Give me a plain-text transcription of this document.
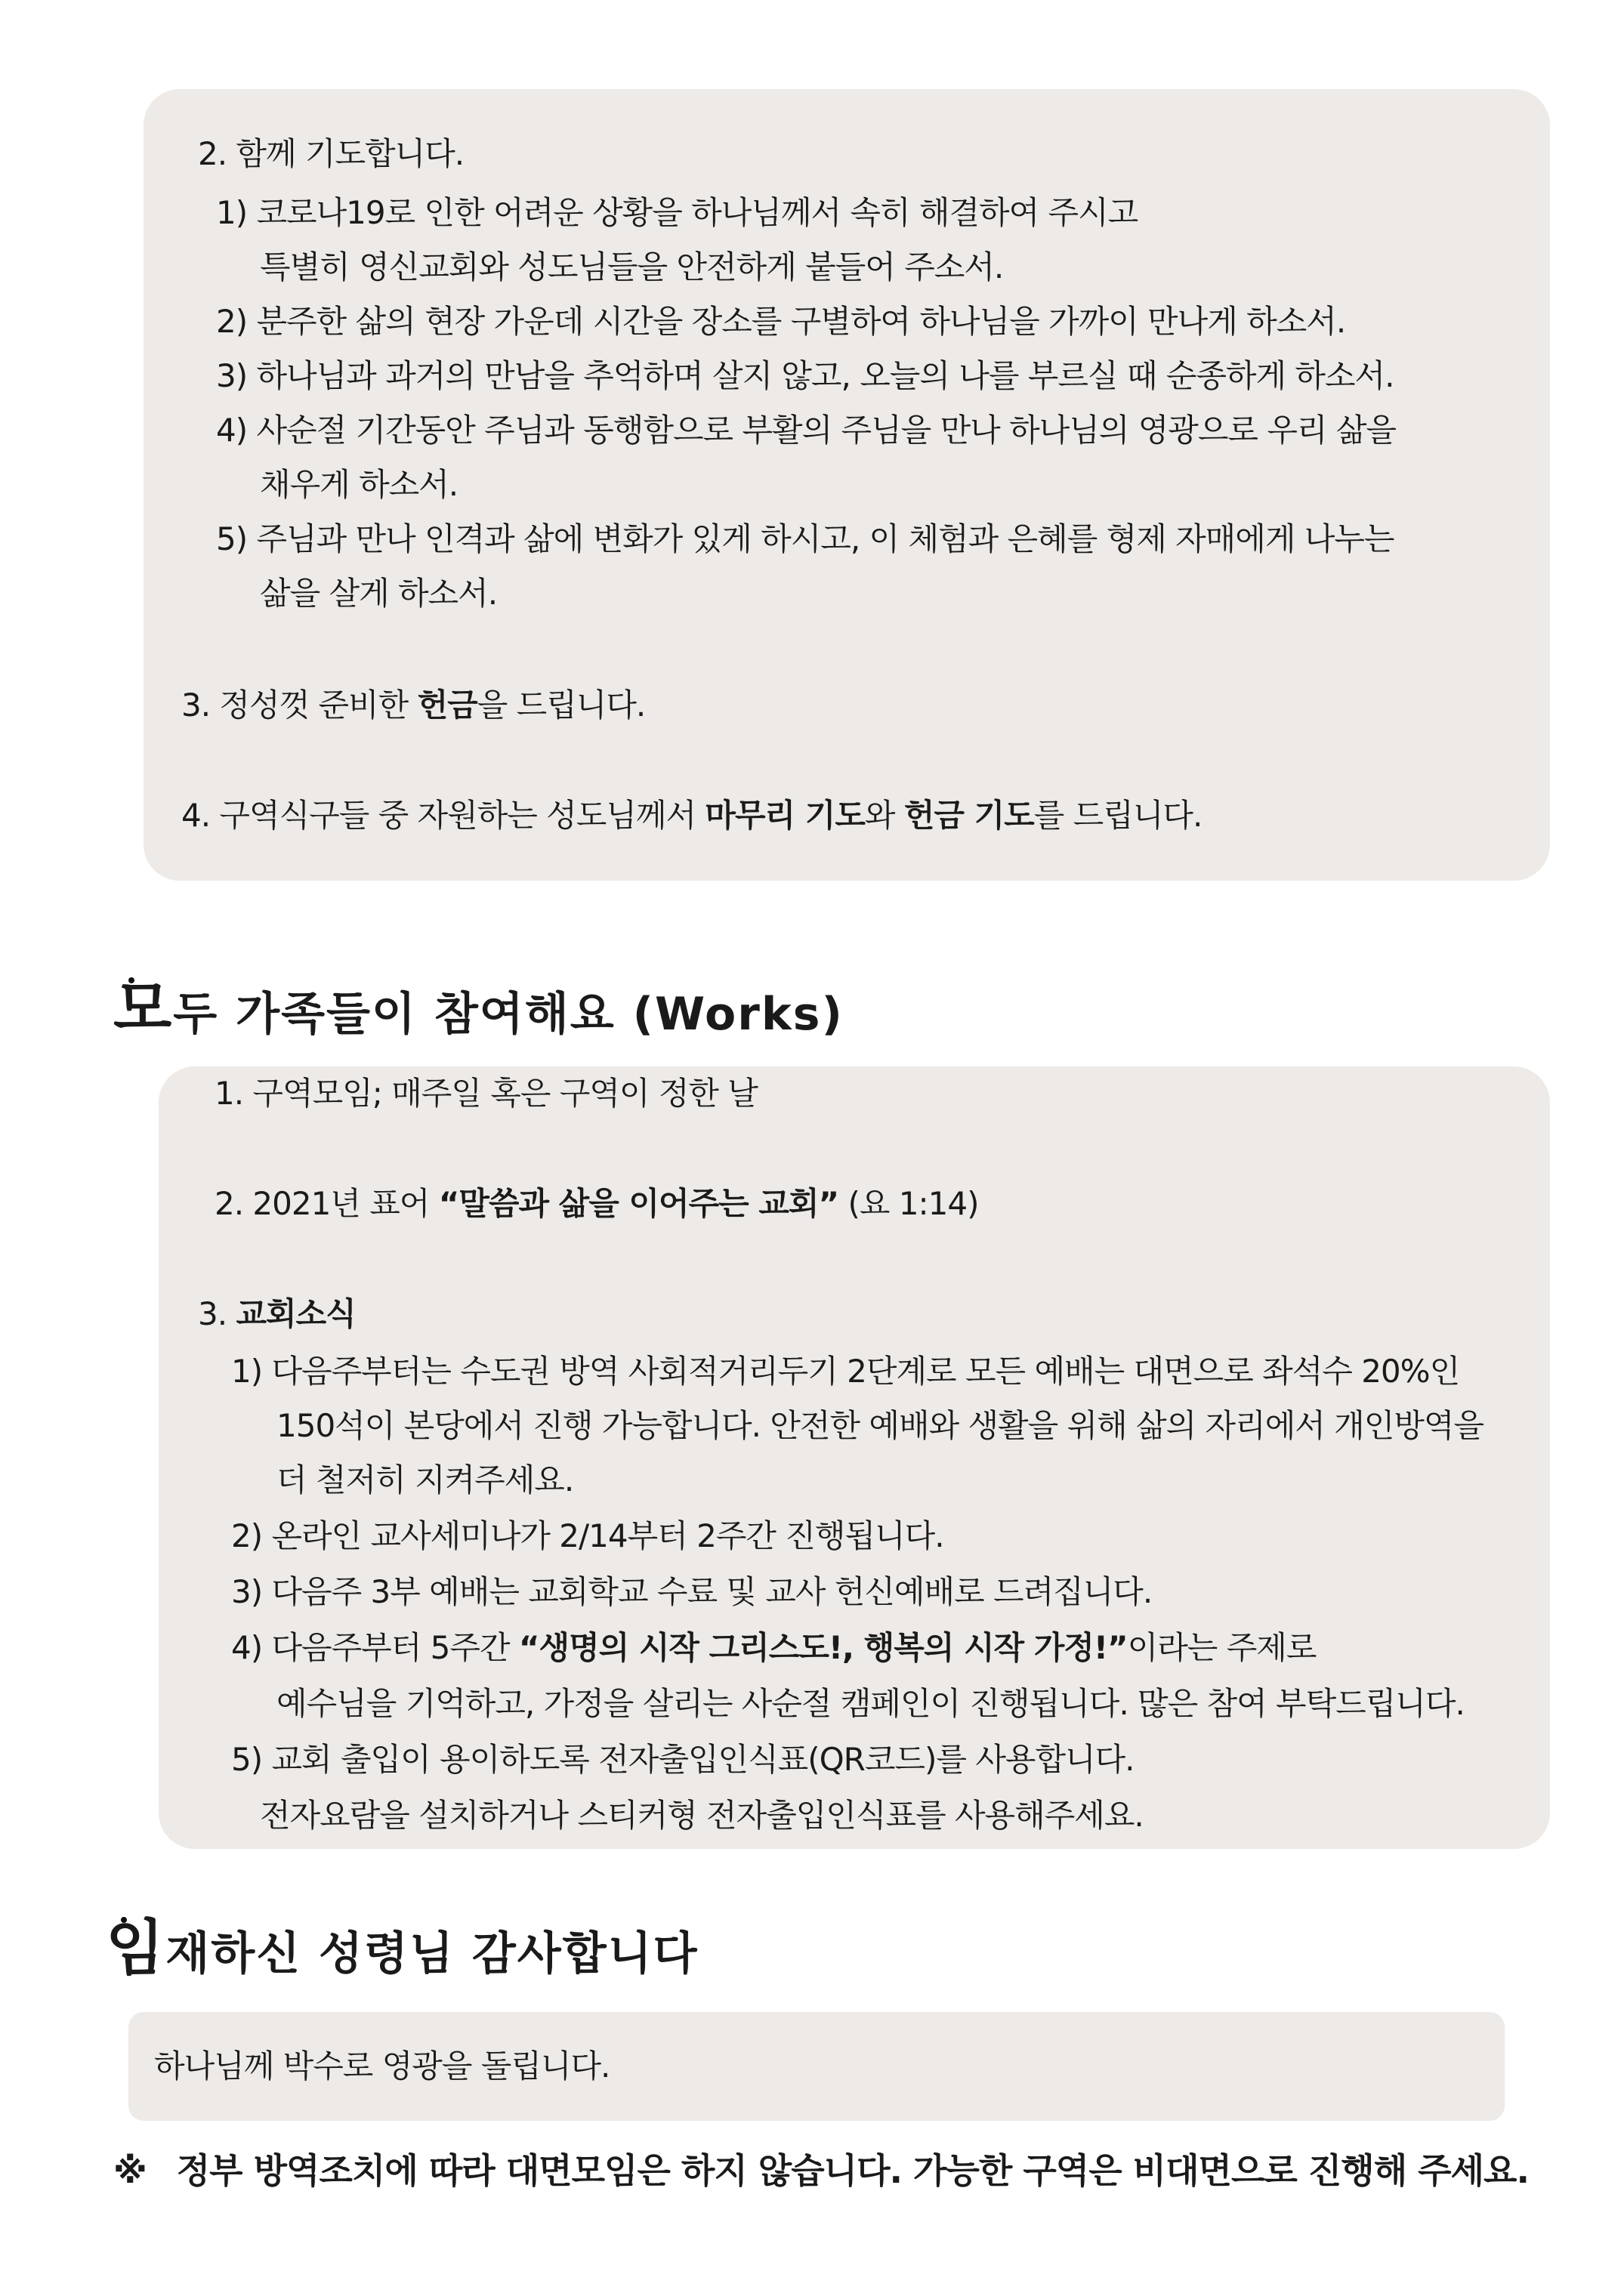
2. 함께 기도합니다.
1) 코로나19로 인한 어려운 상황을 하나님께서 속히 해결하여 주시고
특별히 영신교회와 성도님들을 안전하게 붙들어 주소서.
2) 분주한 삶의 현장 가운데 시간을 장소를 구별하여 하나님을 가까이 만나게 하소서.
3) 하나님과 과거의 만남을 추억하며 살지 않고, 오늘의 나를 부르실 때 순종하게 하소서.
4) 사순절 기간동안 주님과 동행함으로 부활의 주님을 만나 하나님의 영광으로 우리 삶을
채우게 하소서.
5) 주님과 만나 인격과 삶에 변화가 있게 하시고, 이 체험과 은혜를 형제 자매에게 나누는
삶을 살게 하소서.
3. 정성껏 준비한 헌금을 드립니다.
4. 구역식구들 중 자원하는 성도님께서 마무리 기도와 헌금 기도를 드립니다.
모두 가족들이 참여해요 (Works)
1. 구역모임; 매주일 혹은 구역이 정한 날
2. 2021년 표어 “말씀과 삶을 이어주는 교회” (요 1:14)
3. 교회소식
1) 다음주부터는 수도권 방역 사회적거리두기 2단계로 모든 예배는 대면으로 좌석수 20%인
150석이 본당에서 진행 가능합니다. 안전한 예배와 생활을 위해 삶의 자리에서 개인방역을
더 철저히 지켜주세요.
2) 온라인 교사세미나가 2/14부터 2주간 진행됩니다.
3) 다음주 3부 예배는 교회학교 수료 및 교사 헌신예배로 드려집니다.
4) 다음주부터 5주간 “생명의 시작 그리스도!, 행복의 시작 가정!”이라는 주제로
예수님을 기억하고, 가정을 살리는 사순절 캠페인이 진행됩니다. 많은 참여 부탁드립니다.
5) 교회 출입이 용이하도록 전자출입인식표(QR코드)를 사용합니다.
전자요람을 설치하거나 스티커형 전자출입인식표를 사용해주세요.
임재하신 성령님 감사합니다
하나님께 박수로 영광을 돌립니다.
※ 정부 방역조치에 따라 대면모임은 하지 않습니다. 가능한 구역은 비대면으로 진행해 주세요.
